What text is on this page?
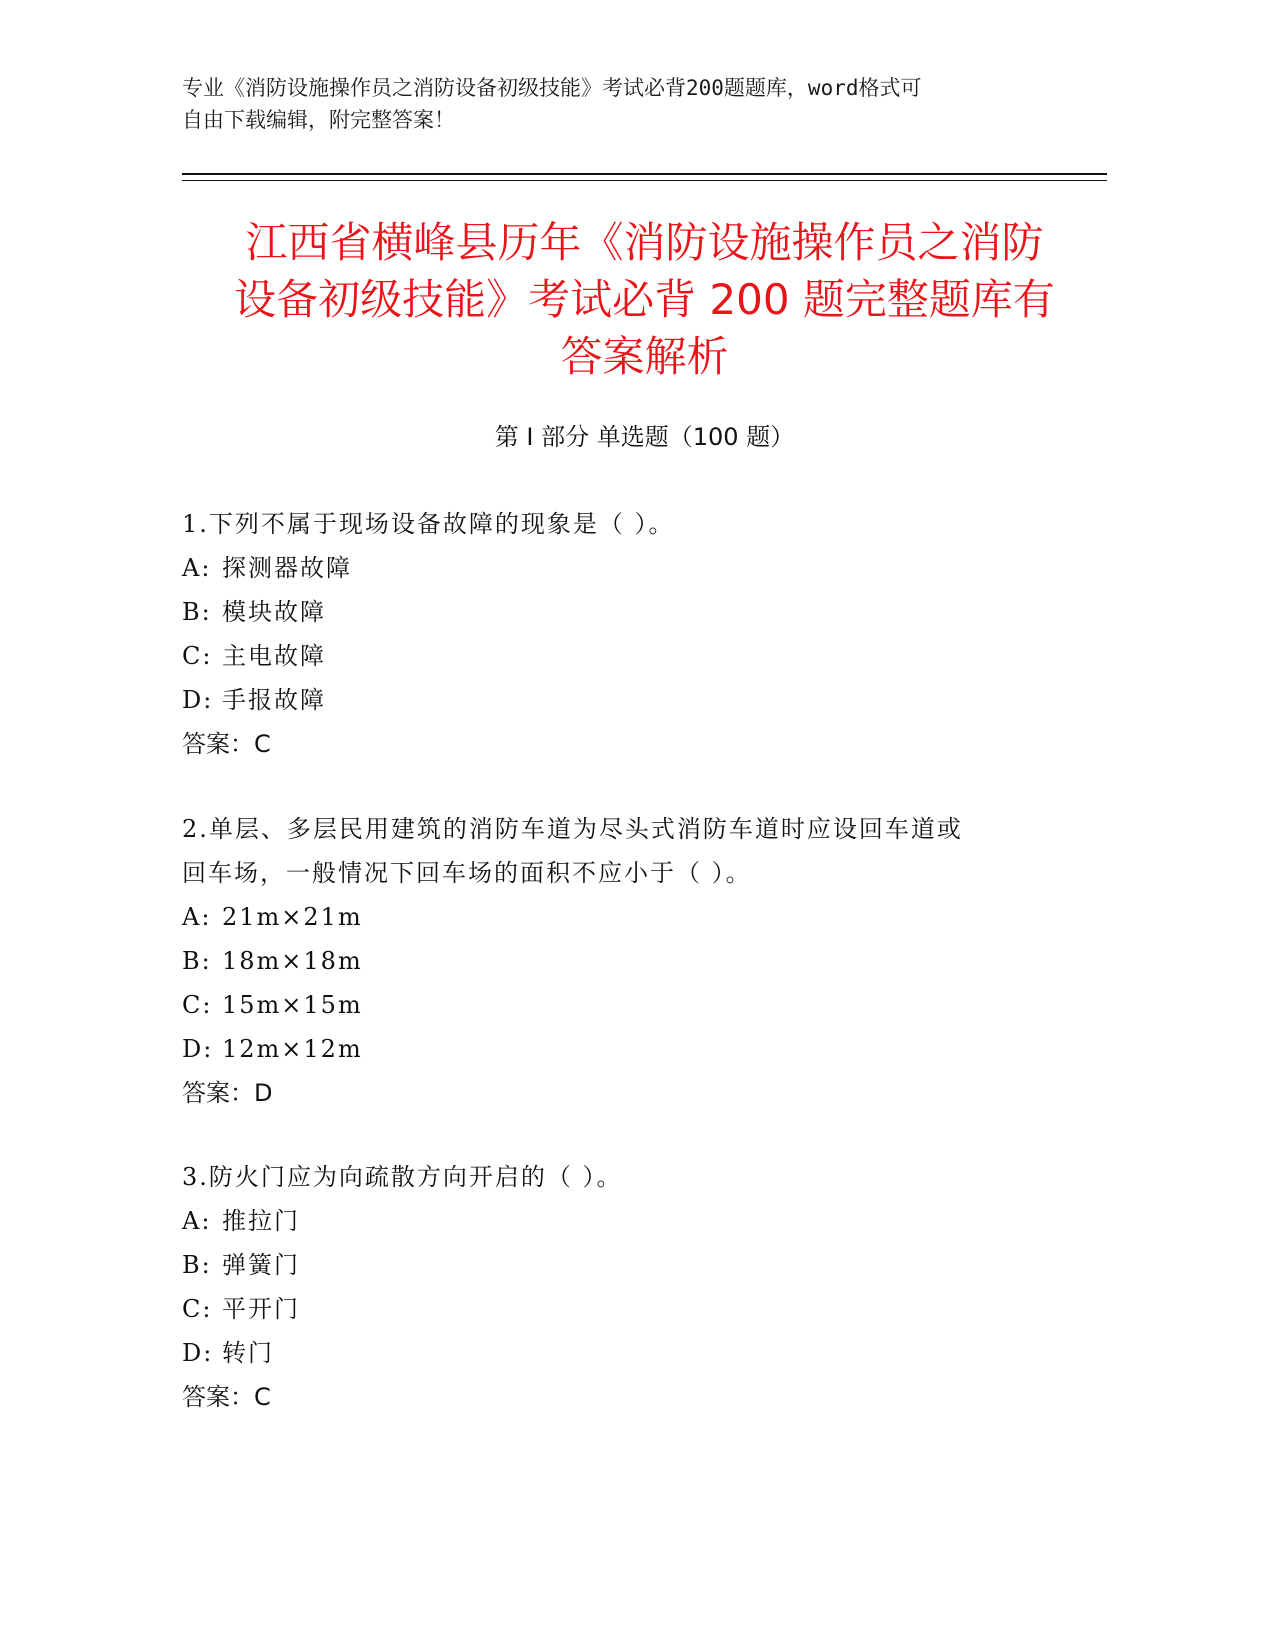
专业《消防设施操作员之消防设备初级技能》考试必背200题题库，word格式可
自由下载编辑，附完整答案！
江西省横峰县历年《消防设施操作员之消防
设备初级技能》考试必背 200 题完整题库有
答案解析
第 I 部分 单选题（100 题）

1.下列不属于现场设备故障的现象是（ ）。

A: 探测器故障

B: 模块故障

C: 主电故障

D: 手报故障

答案：C

2.单层、多层民用建筑的消防车道为尽头式消防车道时应设回车道或

回车场，一般情况下回车场的面积不应小于（ ）。

A: 21m×21m

B: 18m×18m

C: 15m×15m

D: 12m×12m

答案：D

3.防火门应为向疏散方向开启的（ ）。

A: 推拉门

B: 弹簧门

C: 平开门

D: 转门

答案：C
